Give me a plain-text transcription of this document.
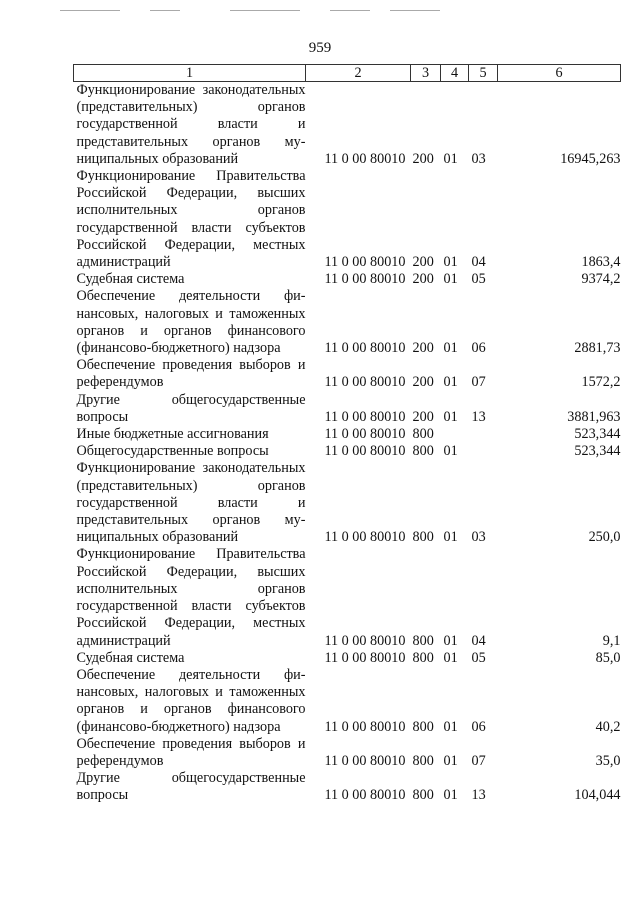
959
1	2	3	4	5	6
Функционирование законодательных (представительных) органов государственной власти и представительных органов муниципальных образований	11 0 00 80010	200	01	03	16945,263
Функционирование Правительства Российской Федерации, высших исполнительных органов государственной власти субъектов Российской Федерации, местных администраций	11 0 00 80010	200	01	04	1863,4
Судебная система	11 0 00 80010	200	01	05	9374,2
Обеспечение деятельности финансовых, налоговых и таможенных органов и органов финансового (финансово-бюджетного) надзора	11 0 00 80010	200	01	06	2881,73
Обеспечение проведения выборов и референдумов	11 0 00 80010	200	01	07	1572,2
Другие общегосударственные вопросы	11 0 00 80010	200	01	13	3881,963
Иные бюджетные ассигнования	11 0 00 80010	800			523,344
Общегосударственные вопросы	11 0 00 80010	800	01		523,344
Функционирование законодательных (представительных) органов государственной власти и представительных органов муниципальных образований	11 0 00 80010	800	01	03	250,0
Функционирование Правительства Российской Федерации, высших исполнительных органов государственной власти субъектов Российской Федерации, местных администраций	11 0 00 80010	800	01	04	9,1
Судебная система	11 0 00 80010	800	01	05	85,0
Обеспечение деятельности финансовых, налоговых и таможенных органов и органов финансового (финансово-бюджетного) надзора	11 0 00 80010	800	01	06	40,2
Обеспечение проведения выборов и референдумов	11 0 00 80010	800	01	07	35,0
Другие общегосударственные вопросы	11 0 00 80010	800	01	13	104,044
